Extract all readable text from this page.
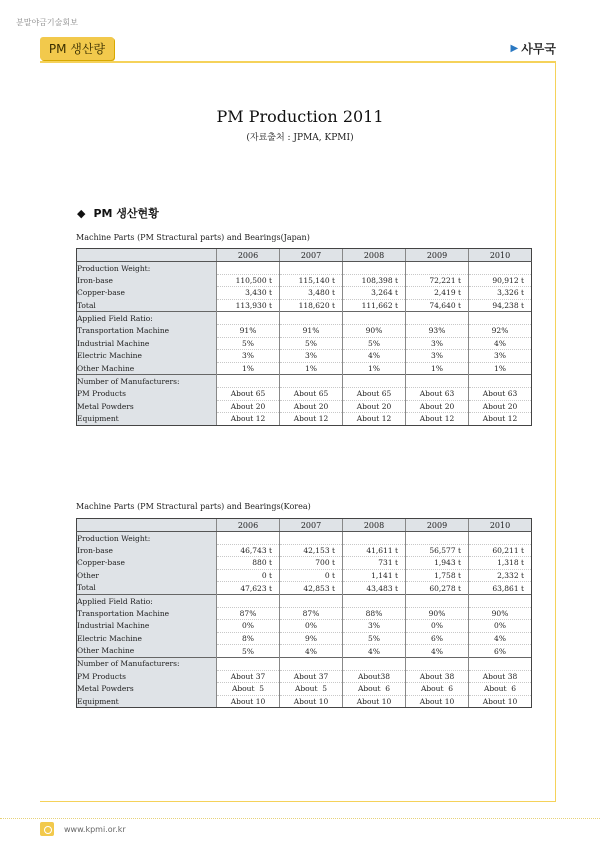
분말야금기술회보
PM 생산량	▶ 사무국
PM Production 2011
(자료출처 : JPMA, KPMI)
◆ PM 생산현황
Machine Parts (PM Stractural parts) and Bearings(Japan)
	2006	2007	2008	2009	2010
Production Weight:					
Iron-base	110,500 t	115,140 t	108,398 t	72,221 t	90,912 t
Copper-base	3,430 t	3,480 t	3,264 t	2,419 t	3,326 t
Total	113,930 t	118,620 t	111,662 t	74,640 t	94,238 t
Applied Field Ratio:					
Transportation Machine	91%	91%	90%	93%	92%
Industrial Machine	5%	5%	5%	3%	4%
Electric Machine	3%	3%	4%	3%	3%
Other Machine	1%	1%	1%	1%	1%
Number of Manufacturers:					
PM Products	About 65	About 65	About 65	About 63	About 63
Metal Powders	About 20	About 20	About 20	About 20	About 20
Equipment	About 12	About 12	About 12	About 12	About 12
Machine Parts (PM Stractural parts) and Bearings(Korea)
	2006	2007	2008	2009	2010
Production Weight:					
Iron-base	46,743 t	42,153 t	41,611 t	56,577 t	60,211 t
Copper-base	880 t	700 t	731 t	1,943 t	1,318 t
Other	0 t	0 t	1,141 t	1,758 t	2,332 t
Total	47,623 t	42,853 t	43,483 t	60,278 t	63,861 t
Applied Field Ratio:					
Transportation Machine	87%	87%	88%	90%	90%
Industrial Machine	0%	0%	3%	0%	0%
Electric Machine	8%	9%	5%	6%	4%
Other Machine	5%	4%	4%	4%	6%
Number of Manufacturers:					
PM Products	About 37	About 37	About38	About 38	About 38
Metal Powders	About  5	About  5	About  6	About  6	About  6
Equipment	About 10	About 10	About 10	About 10	About 10
www.kpmi.or.kr
